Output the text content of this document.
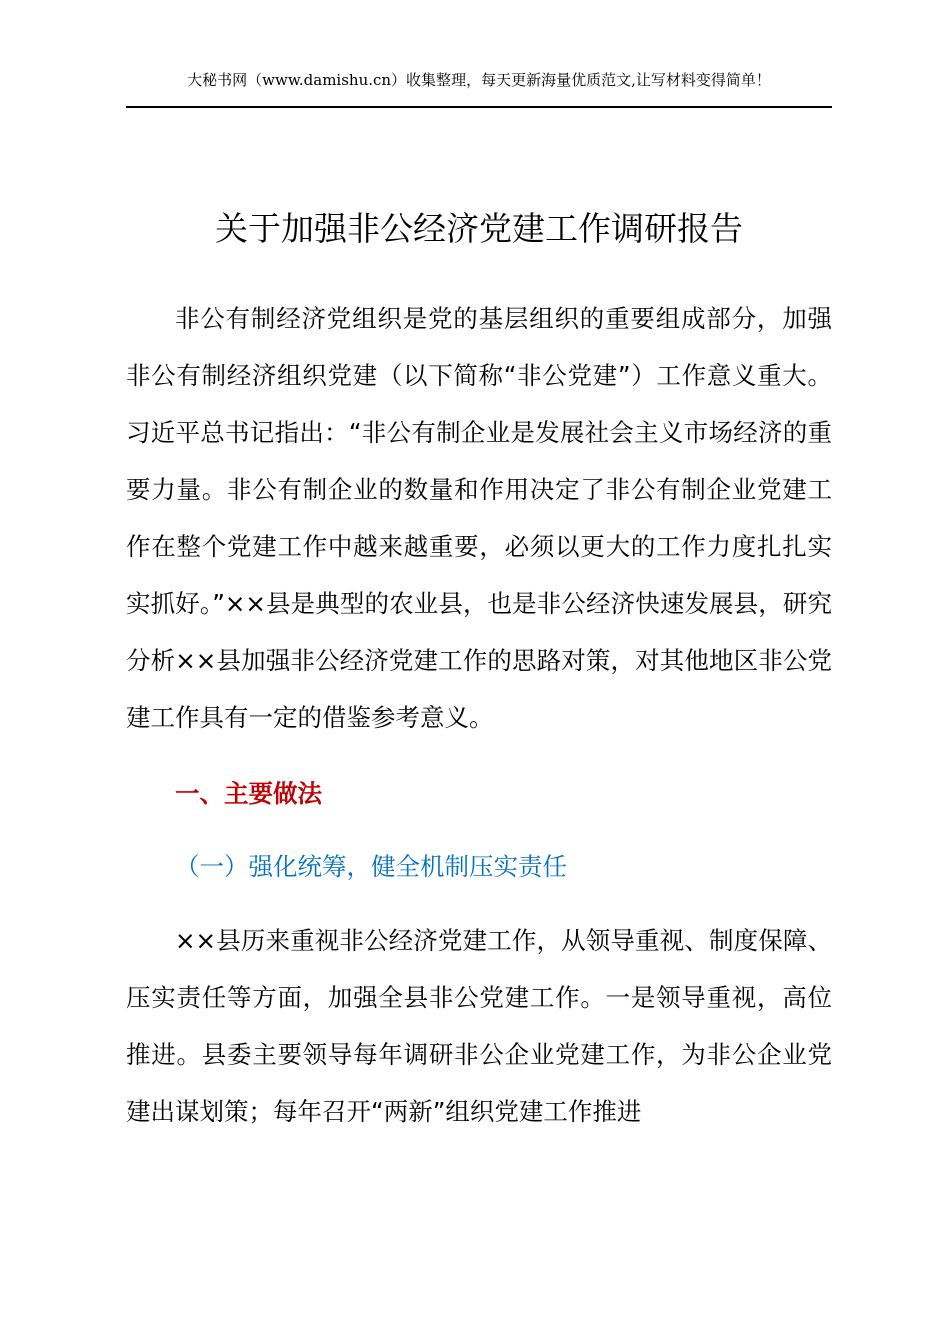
大秘书网（www.damishu.cn）收集整理，每天更新海量优质范文,让写材料变得简单！
关于加强非公经济党建工作调研报告

非公有制经济党组织是党的基层组织的重要组成部分，加强非公有制经济组织党建（以下简称“非公党建”）工作意义重大。习近平总书记指出：“非公有制企业是发展社会主义市场经济的重要力量。非公有制企业的数量和作用决定了非公有制企业党建工作在整个党建工作中越来越重要，必须以更大的工作力度扎扎实实抓好。”××县是典型的农业县，也是非公经济快速发展县，研究分析××县加强非公经济党建工作的思路对策，对其他地区非公党建工作具有一定的借鉴参考意义。

一、主要做法
（一）强化统筹，健全机制压实责任

××县历来重视非公经济党建工作，从领导重视、制度保障、压实责任等方面，加强全县非公党建工作。一是领导重视，高位推进。县委主要领导每年调研非公企业党建工作，为非公企业党建出谋划策；每年召开“两新”组织党建工作推进
